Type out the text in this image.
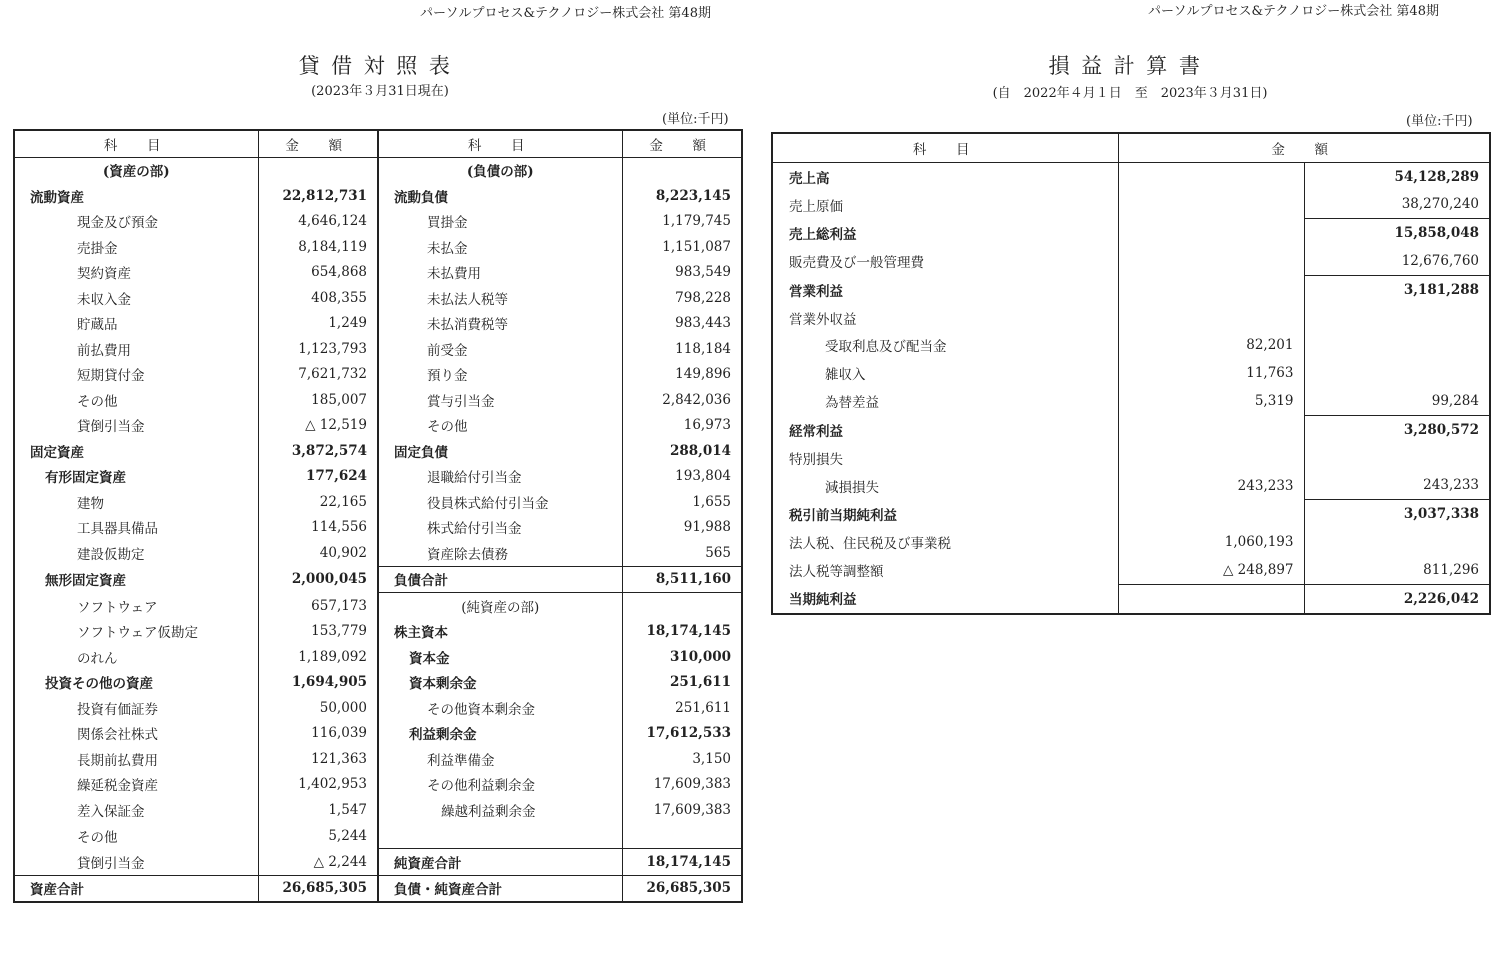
パーソルプロセス&テクノロジー株式会社 第48期
貸借対照表
(2023年３月31日現在)
(単位:千円)
科　目	金　額	科　目	金　額
(資産の部)		(負債の部)	
流動資産	22,812,731	流動負債	8,223,145
現金及び預金	4,646,124	買掛金	1,179,745
売掛金	8,184,119	未払金	1,151,087
契約資産	654,868	未払費用	983,549
未収入金	408,355	未払法人税等	798,228
貯蔵品	1,249	未払消費税等	983,443
前払費用	1,123,793	前受金	118,184
短期貸付金	7,621,732	預り金	149,896
その他	185,007	賞与引当金	2,842,036
貸倒引当金	△ 12,519	その他	16,973
固定資産	3,872,574	固定負債	288,014
有形固定資産	177,624	退職給付引当金	193,804
建物	22,165	役員株式給付引当金	1,655
工具器具備品	114,556	株式給付引当金	91,988
建設仮勘定	40,902	資産除去債務	565
無形固定資産	2,000,045	負債合計	8,511,160
ソフトウェア	657,173	(純資産の部)	
ソフトウェア仮勘定	153,779	株主資本	18,174,145
のれん	1,189,092	資本金	310,000
投資その他の資産	1,694,905	資本剰余金	251,611
投資有価証券	50,000	その他資本剰余金	251,611
関係会社株式	116,039	利益剰余金	17,612,533
長期前払費用	121,363	利益準備金	3,150
繰延税金資産	1,402,953	その他利益剰余金	17,609,383
差入保証金	1,547	繰越利益剰余金	17,609,383
その他	5,244		
貸倒引当金	△ 2,244	純資産合計	18,174,145
資産合計	26,685,305	負債・純資産合計	26,685,305
パーソルプロセス&テクノロジー株式会社 第48期
損益計算書
(自　2022年４月１日　至　2023年３月31日)
(単位:千円)
科　目	金　額	
売上高		54,128,289
売上原価		38,270,240
売上総利益		15,858,048
販売費及び一般管理費		12,676,760
営業利益		3,181,288
営業外収益		
受取利息及び配当金	82,201	
雑収入	11,763	
為替差益	5,319	99,284
経常利益		3,280,572
特別損失		
減損損失	243,233	243,233
税引前当期純利益		3,037,338
法人税、住民税及び事業税	1,060,193	
法人税等調整額	△ 248,897	811,296
当期純利益		2,226,042
